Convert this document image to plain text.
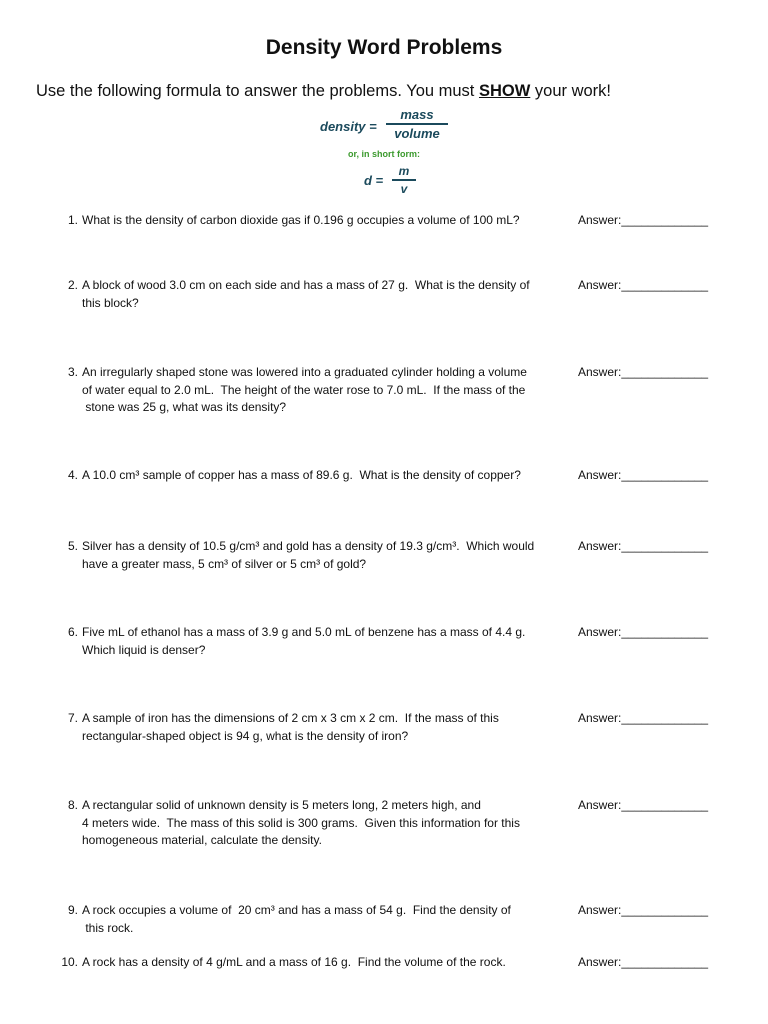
Density Word Problems
Use the following formula to answer the problems. You must SHOW your work!
density =
mass
volume
or, in short form:
d =
m
v
1. What is the density of carbon dioxide gas if 0.196 g occupies a volume of 100 mL?	Answer:_____________
2. A block of wood 3.0 cm on each side and has a mass of 27 g.  What is the density of
this block?
Answer:_____________
3. An irregularly shaped stone was lowered into a graduated cylinder holding a volume
of water equal to 2.0 mL.  The height of the water rose to 7.0 mL.  If the mass of the
stone was 25 g, what was its density?
Answer:_____________
4. A 10.0 cm³ sample of copper has a mass of 89.6 g.  What is the density of copper?	Answer:_____________
5. Silver has a density of 10.5 g/cm³ and gold has a density of 19.3 g/cm³.  Which would
have a greater mass, 5 cm³ of silver or 5 cm³ of gold?
Answer:_____________
6. Five mL of ethanol has a mass of 3.9 g and 5.0 mL of benzene has a mass of 4.4 g.
Which liquid is denser?
Answer:_____________
7. A sample of iron has the dimensions of 2 cm x 3 cm x 2 cm.  If the mass of this
rectangular-shaped object is 94 g, what is the density of iron?
Answer:_____________
8. A rectangular solid of unknown density is 5 meters long, 2 meters high, and
4 meters wide.  The mass of this solid is 300 grams.  Given this information for this
homogeneous material, calculate the density.
Answer:_____________
9. A rock occupies a volume of  20 cm³ and has a mass of 54 g.  Find the density of
this rock.
Answer:_____________
10. A rock has a density of 4 g/mL and a mass of 16 g.  Find the volume of the rock.	Answer:_____________
